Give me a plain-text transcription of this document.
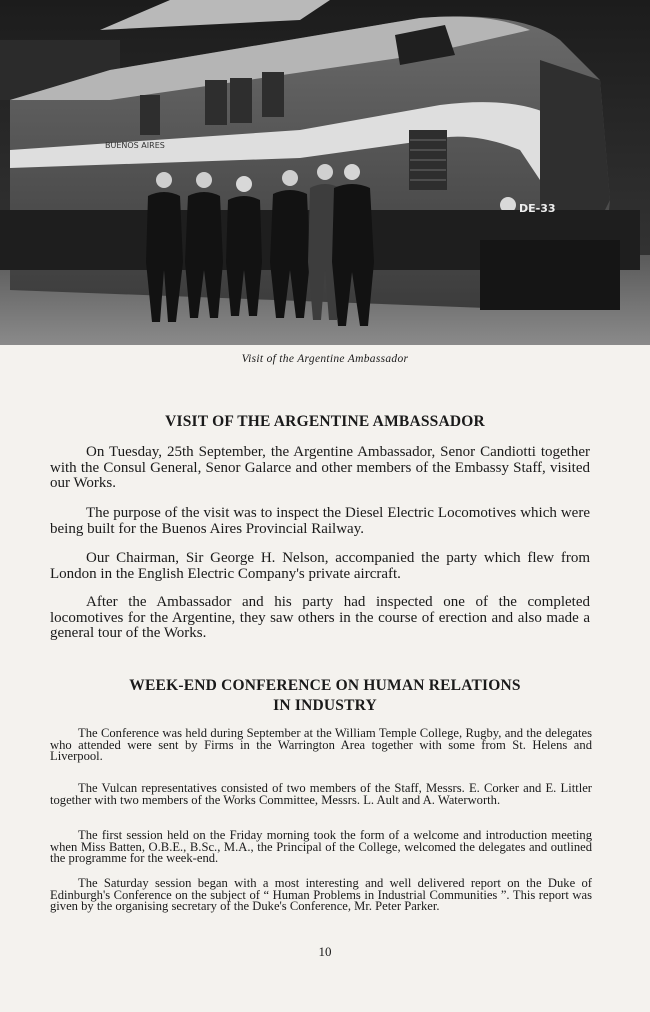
BUENOS AIRES
DE-33
Visit of the Argentine Ambassador
VISIT OF THE ARGENTINE AMBASSADOR

On Tuesday, 25th September, the Argentine Ambassador, Senor Candiotti together with the Consul General, Senor Galarce and other members of the Embassy Staff, visited our Works.

The purpose of the visit was to inspect the Diesel Electric Locomotives which were being built for the Buenos Aires Provincial Railway.

Our Chairman, Sir George H. Nelson, accompanied the party which flew from London in the English Electric Company's private aircraft.

After the Ambassador and his party had inspected one of the completed locomotives for the Argentine, they saw others in the course of erection and also made a general tour of the Works.

WEEK-END CONFERENCE ON HUMAN RELATIONS
IN INDUSTRY

The Conference was held during September at the William Temple College, Rugby, and the delegates who attended were sent by Firms in the Warrington Area together with some from St. Helens and Liverpool.

The Vulcan representatives consisted of two members of the Staff, Messrs. E. Corker and E. Littler together with two members of the Works Committee, Messrs. L. Ault and A. Waterworth.

The first session held on the Friday morning took the form of a welcome and introduction meeting when Miss Batten, O.B.E., B.Sc., M.A., the Principal of the College, welcomed the delegates and outlined the programme for the week-end.

The Saturday session began with a most interesting and well delivered report on the Duke of Edinburgh's Conference on the subject of “ Human Problems in Industrial Communities ”. This report was given by the organising secretary of the Duke's Conference, Mr. Peter Parker.

10
